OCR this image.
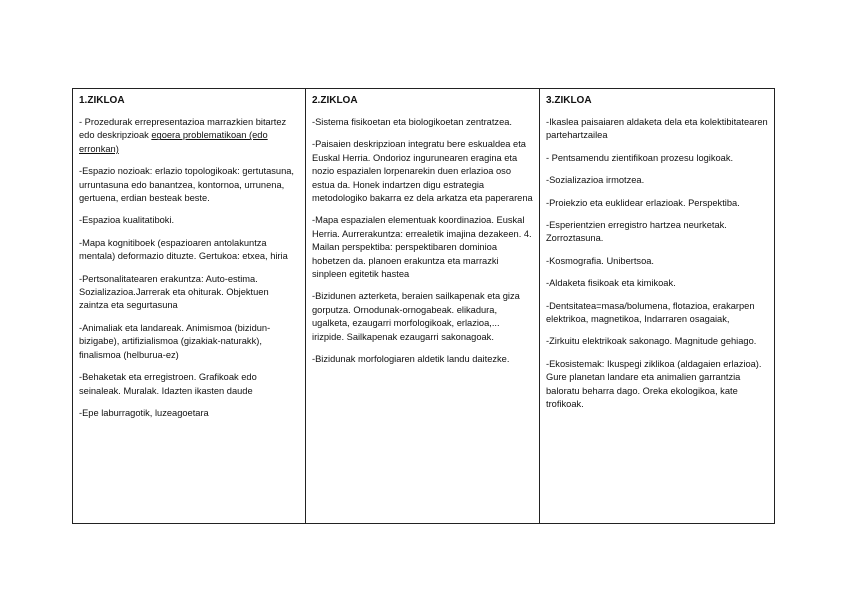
1.ZIKLOA

- Prozedurak errepresentazioa marrazkien bitartez edo deskripzioak egoera problematikoan (edo erronkan)

-Espazio nozioak: erlazio topologikoak: gertutasuna, urruntasuna edo banantzea, kontornoa, urrunena, gertuena, erdian besteak beste.

-Espazioa kualitatiboki.

-Mapa kognitiboek (espazioaren antolakuntza mentala) deformazio dituzte. Gertukoa: etxea, hiria

-Pertsonalitatearen erakuntza: Auto-estima. Sozializazioa.Jarrerak eta ohiturak. Objektuen zaintza eta segurtasuna

-Animaliak eta landareak. Animismoa (bizidun-bizigabe), artifizialismoa (gizakiak-naturakk), finalismoa (helburua-ez)

-Behaketak eta erregistroen. Grafikoak edo seinaleak. Muralak. Idazten ikasten daude

-Epe laburragotik, luzeagoetara

2.ZIKLOA

-Sistema fisikoetan eta biologikoetan zentratzea.

-Paisaien deskripzioan integratu bere eskualdea eta Euskal Herria. Ondorioz ingurunearen eragina eta nozio espazialen lorpenarekin duen erlazioa oso estua da. Honek indartzen digu estrategia metodologiko bakarra ez dela arkatza eta paperarena

-Mapa espazialen elementuak koordinazioa. Euskal Herria. Aurrerakuntza: errealetik imajina dezakeen. 4. Mailan perspektiba: perspektibaren dominioa hobetzen da. planoen erakuntza eta marrazki sinpleen egitetik hastea

-Bizidunen azterketa, beraien sailkapenak eta giza gorputza. Ornodunak-ornogabeak. elikadura, ugalketa, ezaugarri morfologikoak, erlazioa,... irizpide. Sailkapenak ezaugarri sakonagoak.

-Bizidunak morfologiaren aldetik landu daitezke.

3.ZIKLOA

-Ikaslea paisaiaren aldaketa dela eta kolektibitatearen partehartzailea

- Pentsamendu zientifikoan prozesu logikoak.

-Sozializazioa irmotzea.

-Proiekzio eta euklidear erlazioak. Perspektiba.

-Esperientzien erregistro hartzea neurketak. Zorroztasuna.

-Kosmografia. Unibertsoa.

-Aldaketa fisikoak eta kimikoak.

-Dentsitatea=masa/bolumena, flotazioa, erakarpen elektrikoa, magnetikoa, Indarraren osagaiak,

-Zirkuitu elektrikoak sakonago. Magnitude gehiago.

-Ekosistemak: Ikuspegi ziklikoa (aldagaien erlazioa). Gure planetan landare eta animalien garrantzia baloratu beharra dago. Oreka ekologikoa, kate trofikoak.
